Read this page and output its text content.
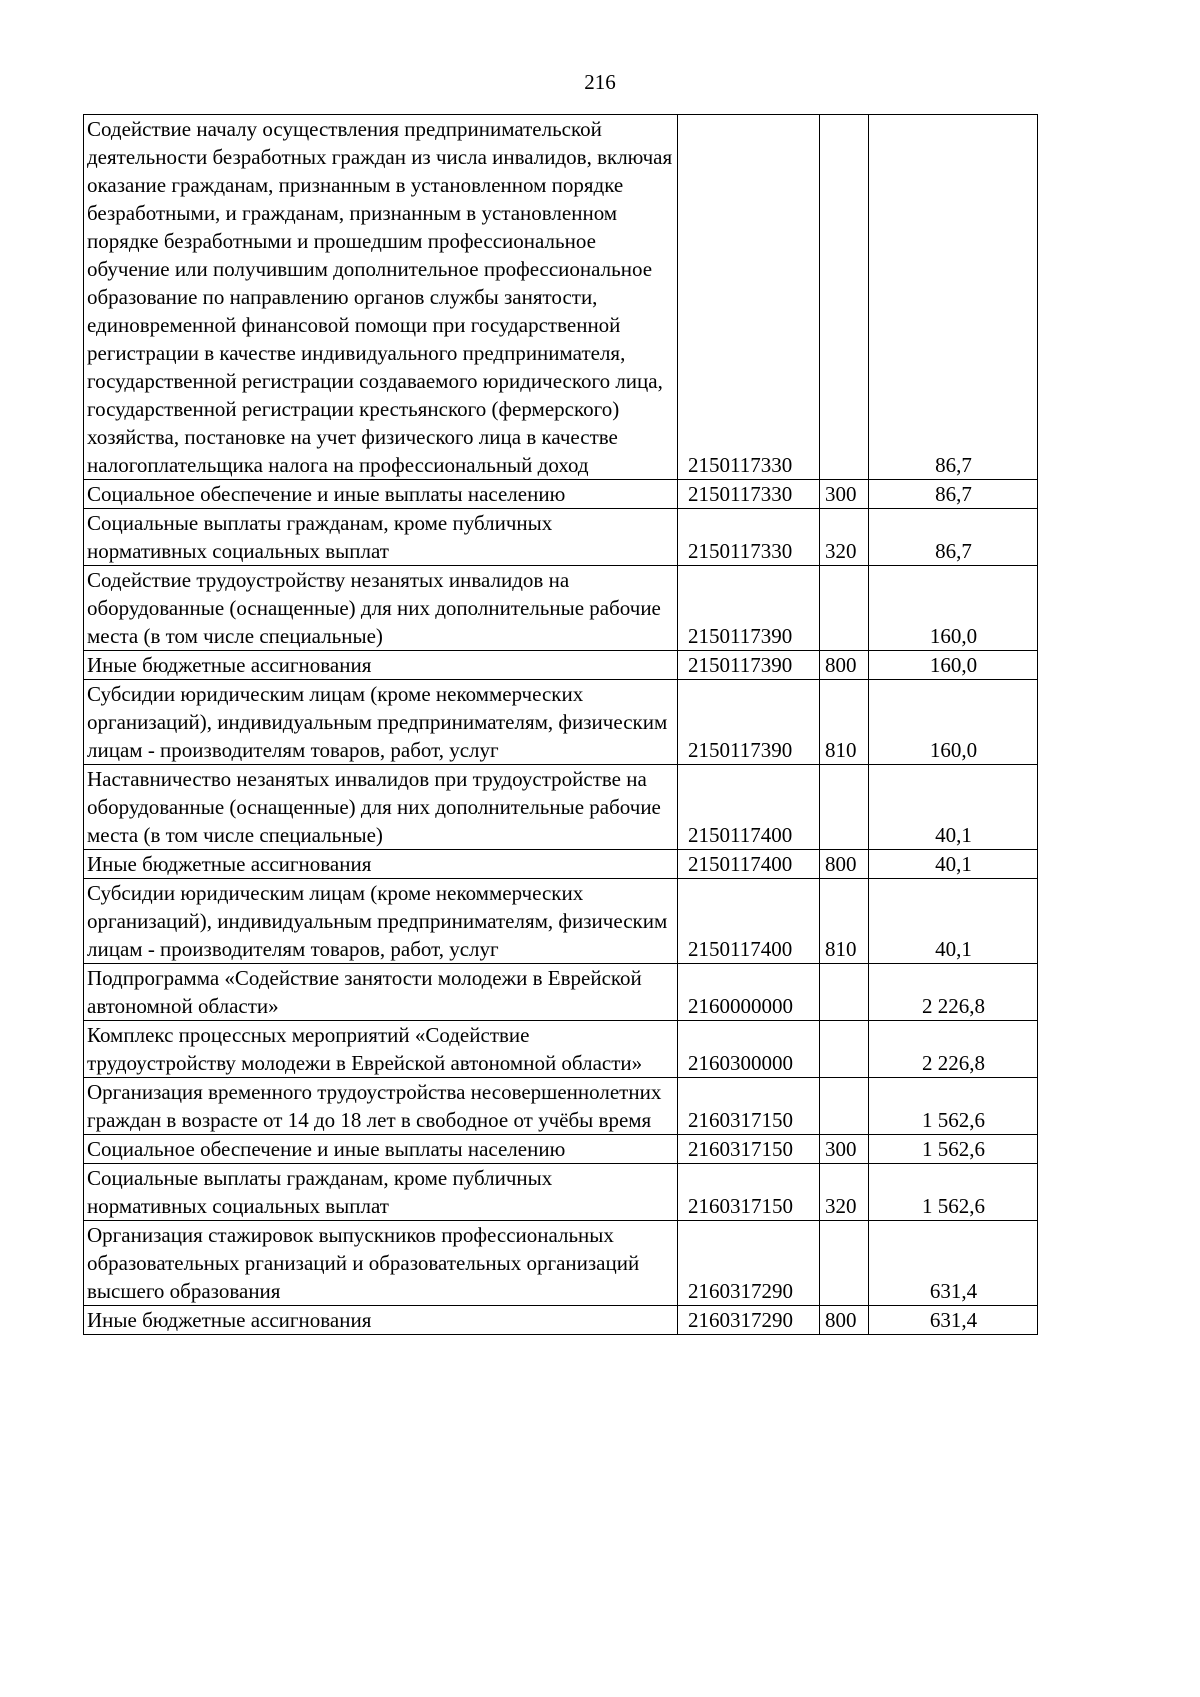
216
Содействие началу осуществления предпринимательской деятельности безработных граждан из числа инвалидов, включая оказание гражданам, признанным в установленном порядке безработными, и гражданам, признанным в установленном порядке безработными и прошедшим профессиональное обучение или получившим дополнительное профессиональное образование по направлению органов службы занятости, единовременной финансовой помощи при государственной регистрации в качестве индивидуального предпринимателя, государственной регистрации создаваемого юридического лица, государственной регистрации крестьянского (фермерского) хозяйства, постановке на учет физического лица в качестве налогоплательщика налога на профессиональный доход	2150117330		86,7
Социальное обеспечение и иные выплаты населению	2150117330	300	86,7
Социальные выплаты гражданам, кроме публичных нормативных социальных выплат	2150117330	320	86,7
Содействие трудоустройству незанятых инвалидов на оборудованные (оснащенные) для них дополнительные рабочие места (в том числе специальные)	2150117390		160,0
Иные бюджетные ассигнования	2150117390	800	160,0
Субсидии юридическим лицам (кроме некоммерческих организаций), индивидуальным предпринимателям, физическим лицам - производителям товаров, работ, услуг	2150117390	810	160,0
Наставничество незанятых инвалидов при трудоустройстве на оборудованные (оснащенные) для них дополнительные рабочие места (в том числе специальные)	2150117400		40,1
Иные бюджетные ассигнования	2150117400	800	40,1
Субсидии юридическим лицам (кроме некоммерческих организаций), индивидуальным предпринимателям, физическим лицам - производителям товаров, работ, услуг	2150117400	810	40,1
Подпрограмма «Содействие занятости молодежи в Еврейской автономной области»	2160000000		2 226,8
Комплекс процессных мероприятий «Содействие трудоустройству молодежи в Еврейской автономной области»	2160300000		2 226,8
Организация временного трудоустройства несовершеннолетних граждан в возрасте от 14 до 18 лет в свободное от учёбы время	2160317150		1 562,6
Социальное обеспечение и иные выплаты населению	2160317150	300	1 562,6
Социальные выплаты гражданам, кроме публичных нормативных социальных выплат	2160317150	320	1 562,6
Организация стажировок выпускников профессиональных образовательных рганизаций и образовательных организаций высшего образования	2160317290		631,4
Иные бюджетные ассигнования	2160317290	800	631,4
